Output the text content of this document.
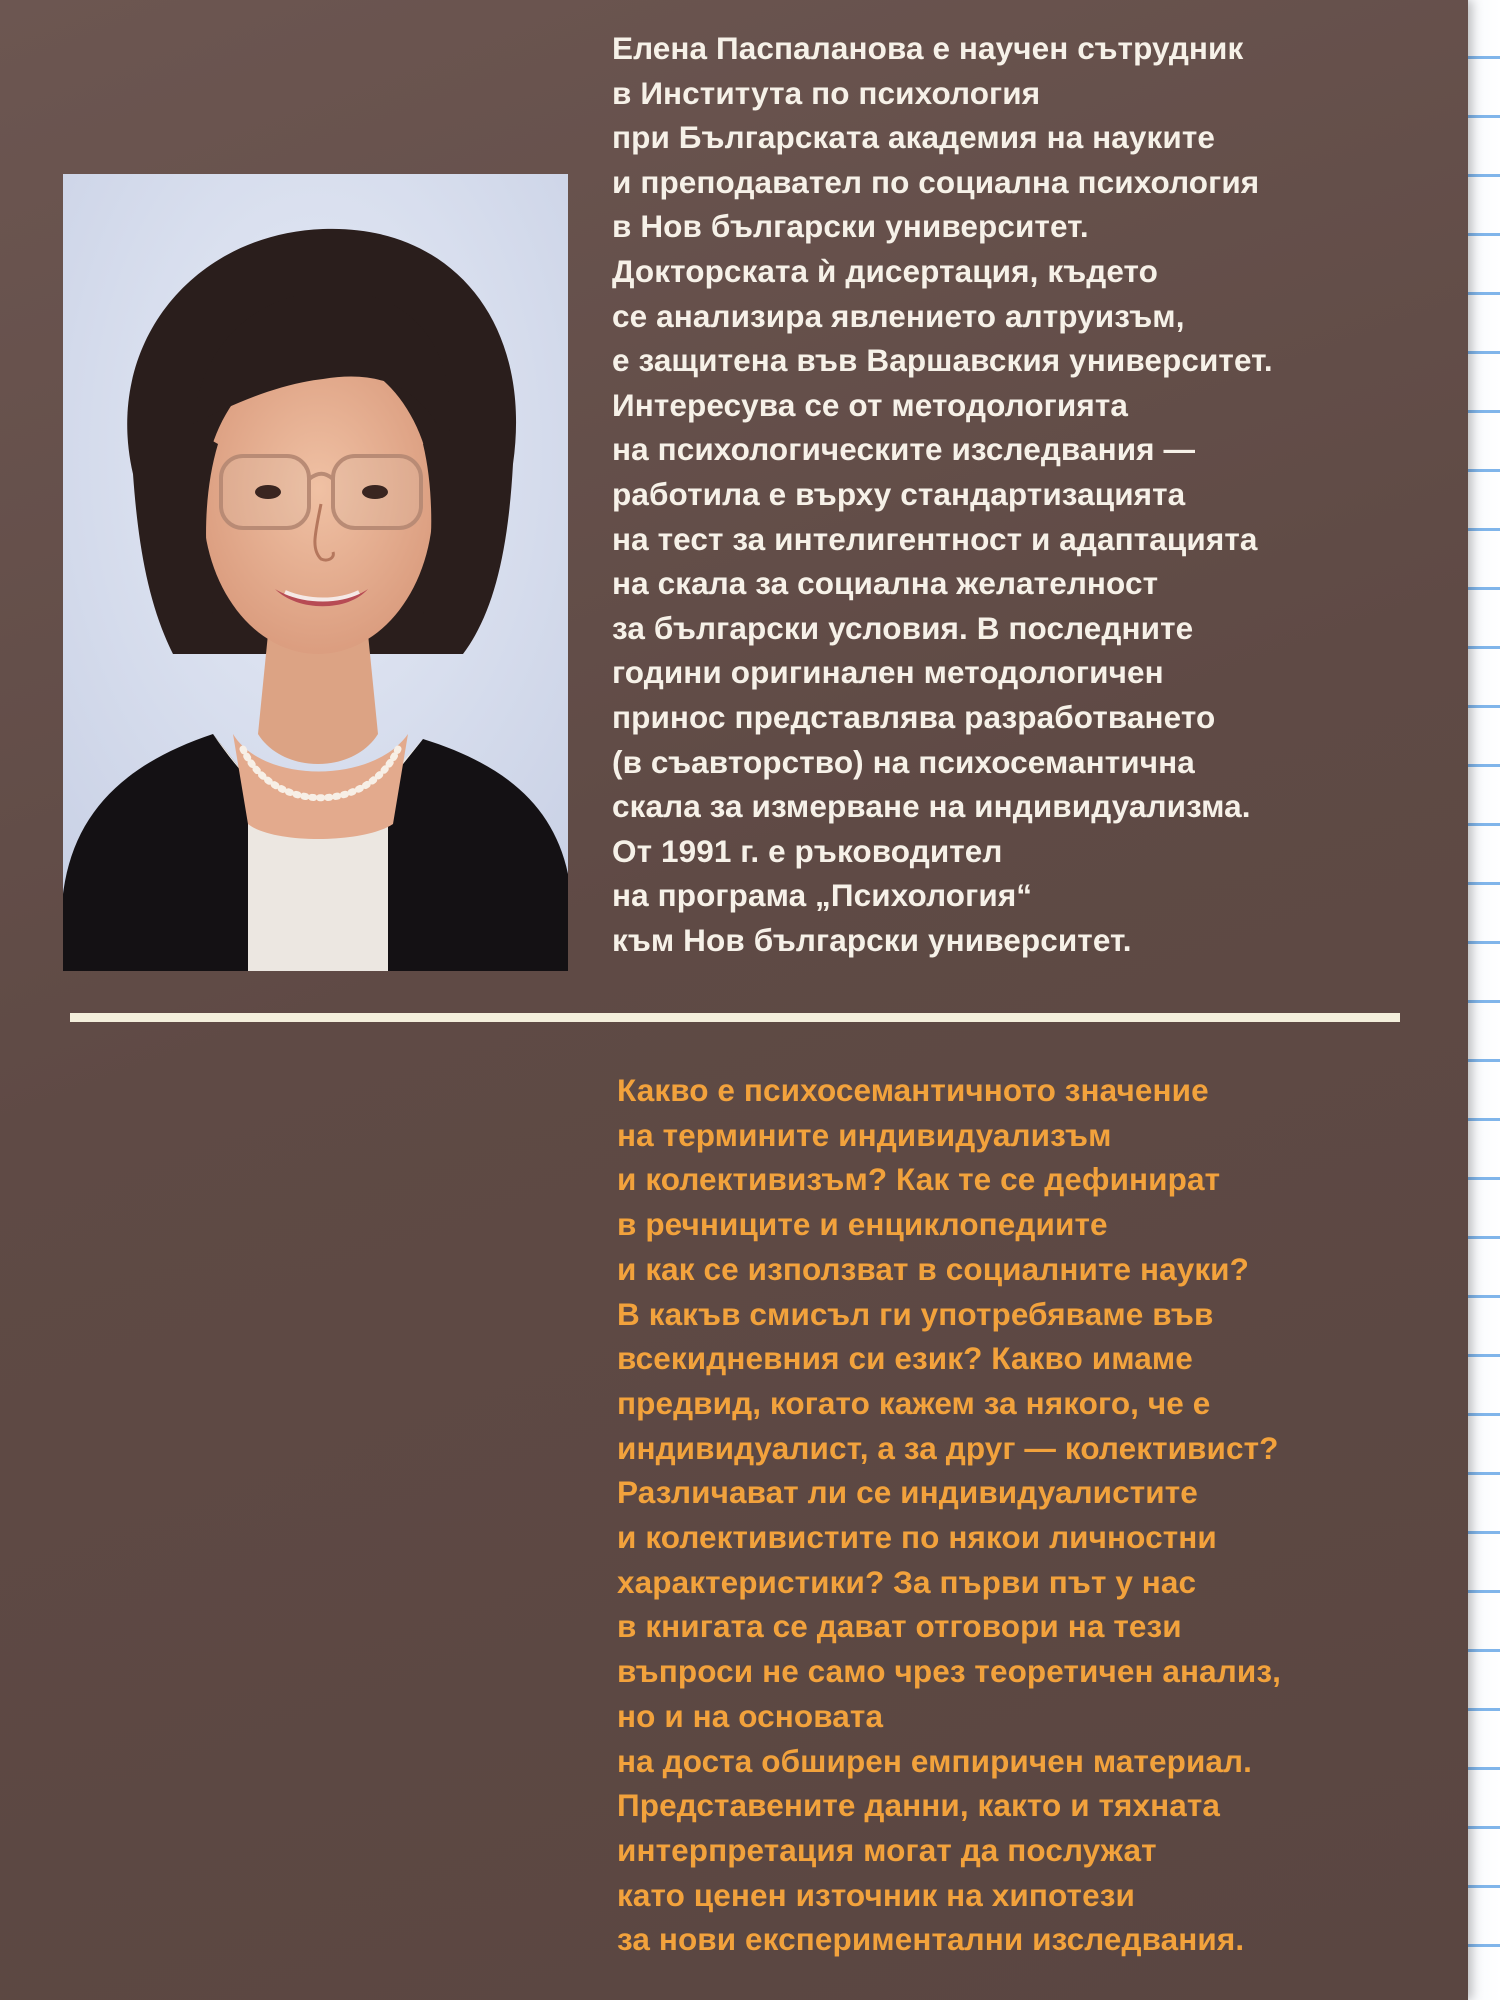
Елена Паспаланова е научен сътрудник
в Института по психология
при Българската академия на науките
и преподавател по социална психология
в Нов български университет.
Докторската ѝ дисертация, където
се анализира явлението алтруизъм,
е защитена във Варшавския университет.
Интересува се от методологията
на психологическите изследвания —
работила е върху стандартизацията
на тест за интелигентност и адаптацията
на скала за социална желателност
за български условия. В последните
години оригинален методологичен
принос представлява разработването
(в съавторство) на психосемантична
скала за измерване на индивидуализма.
От 1991 г. е ръководител
на програма „Психология“
към Нов български университет.

Какво е психосемантичното значение
на термините индивидуализъм
и колективизъм? Как те се дефинират
в речниците и енциклопедиите
и как се използват в социалните науки?
В какъв смисъл ги употребяваме във
всекидневния си език? Какво имаме
предвид, когато кажем за някого, че е
индивидуалист, а за друг — колективист?
Различават ли се индивидуалистите
и колективистите по някои личностни
характеристики? За първи път у нас
в книгата се дават отговори на тези
въпроси не само чрез теоретичен анализ,
но и на основата
на доста обширен емпиричен материал.
Представените данни, както и тяхната
интерпретация могат да послужат
като ценен източник на хипотези
за нови експериментални изследвания.
